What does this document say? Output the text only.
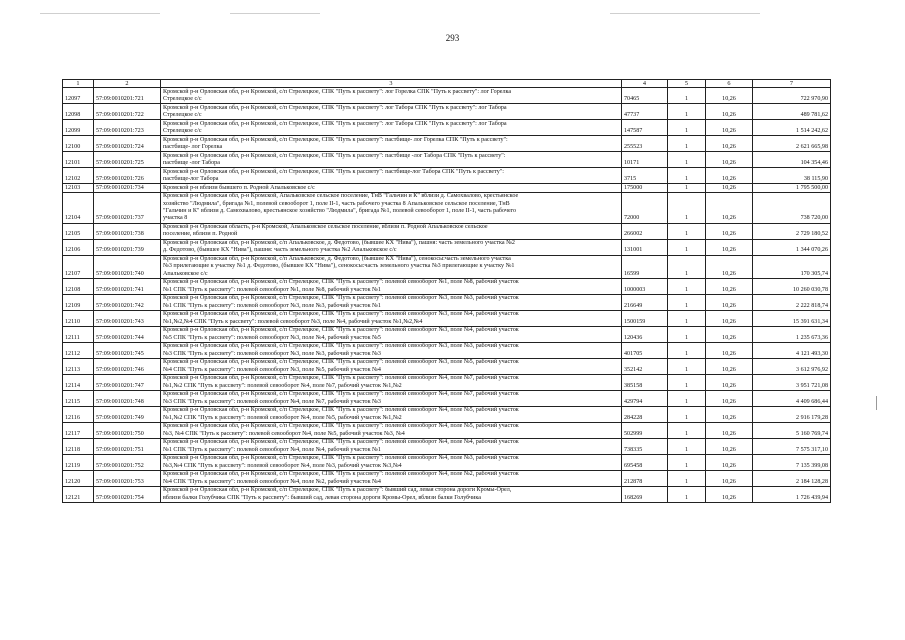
293
1	2	3	4	5	6	7
12097	57:09:0010201:721	Кромской р-н Орловская обл, р-н Кромской, с/п Стрелецкое, СПК "Путь к рассвету": лог Горелка СПК "Путь к рассвету": лог Горелка
Стрелецкое с/с	70465	1	10,26	722 970,90
12098	57:09:0010201:722	Кромской р-н Орловская обл, р-н Кромской, с/п Стрелецкое, СПК "Путь к рассвету": лог Табора СПК "Путь к рассвету": лог Табора
Стрелецкое с/с	47737	1	10,26	489 781,62
12099	57:09:0010201:723	Кромской р-н Орловская обл, р-н Кромской, с/п Стрелецкое, СПК "Путь к рассвету": лог Табора СПК "Путь к рассвету": лог Табора
Стрелецкое с/с	147587	1	10,26	1 514 242,62
12100	57:09:0010201:724	Кромской р-н Орловская обл, р-н Кромской, с/п Стрелецкое, СПК "Путь к рассвету": пастбище- лог Горелка СПК "Путь к рассвету":
пастбище- лог Горелка	255523	1	10,26	2 621 665,98
12101	57:09:0010201:725	Кромской р-н Орловская обл, р-н Кромской, с/п Стрелецкое, СПК "Путь к рассвету": пастбище -лог Табора СПК "Путь к рассвету":
пастбище -лог Табора	10171	1	10,26	104 354,46
12102	57:09:0010201:726	Кромской р-н Орловская обл, р-н Кромской, с/п Стрелецкое, СПК "Путь к рассвету": пастбище-лог Табора СПК "Путь к рассвету":
пастбище-лог Табора	3715	1	10,26	38 115,90
12103	57:09:0010201:734	Кромской р-н вблизи бывшего п. Родной Апальковское с/с	175000	1	10,26	1 795 500,00
12104	57:09:0010201:737	Кромской р-н Орловская обл, р-н Кромской, Апальковское сельское поселение, ТнВ "Гальчин и К" вблизи д. Самохвалово, крестьянское
хозяйство "Людмила", бригада №1, полевой севооборот 1, поле II-1, часть рабочего участка 8 Апальковское сельское поселение, ТнВ
"Гальчин и К" вблизи д. Самохвалово, крестьянское хозяйство "Людмила", бригада №1, полевой севооборот 1, поле II-1, часть рабочего
участка 8	72000	1	10,26	738 720,00
12105	57:09:0010201:738	Кромской р-н Орловская область, р-н Кромской, Апальковское сельское поселение, вблизи п. Родной Апальковское сельское
поселение, вблизи п. Родной	266002	1	10,26	2 729 180,52
12106	57:09:0010201:739	Кромской р-н Орловская обл, р-н Кромской, с/п Апальковское, д. Федотово, (бывшее КХ "Нива"), пашня: часть земельного участка №2
д. Федотово, (бывшее КХ "Нива"), пашня: часть земельного участка №2 Апальковское с/с	131001	1	10,26	1 344 070,26
12107	57:09:0010201:740	Кромской р-н Орловская обл, р-н Кромской, с/п Апальковское, д. Федотово, (бывшее КХ "Нива"), сенокосы:часть земельного участка
№3 прилегающие к участку №1 д. Федотово, (бывшее КХ "Нива"), сенокосы:часть земельного участка №3 прилегающие к участку №1
Апальковское с/с	16599	1	10,26	170 305,74
12108	57:09:0010201:741	Кромской р-н Орловская обл, р-н Кромской, с/п Стрелецкое, СПК "Путь к рассвету": полевой севооборот №1, поле №8, рабочий участок
№1 СПК "Путь к рассвету": полевой севооборот №1, поле №8, рабочий участок №1	1000003	1	10,26	10 260 030,78
12109	57:09:0010201:742	Кромской р-н Орловская обл, р-н Кромской, с/п Стрелецкое, СПК "Путь к рассвету": полевой севооборот №3, поле №3, рабочий участок
№1 СПК "Путь к рассвету": полевой севооборот №3, поле №3, рабочий участок №1	216649	1	10,26	2 222 818,74
12110	57:09:0010201:743	Кромской р-н Орловская обл, р-н Кромской, с/п Стрелецкое, СПК "Путь к рассвету": полевой севооборот №3, поле №4, рабочий участок
№1,№2,№4 СПК "Путь к рассвету": полевой севооборот №3, поле №4, рабочий участок №1,№2,№4	1500159	1	10,26	15 391 631,34
12111	57:09:0010201:744	Кромской р-н Орловская обл, р-н Кромской, с/п Стрелецкое, СПК "Путь к рассвету": полевой севооборот №3, поле №4, рабочий участок
№5 СПК "Путь к рассвету": полевой севооборот №3, поле №4, рабочий участок №5	120436	1	10,26	1 235 673,36
12112	57:09:0010201:745	Кромской р-н Орловская обл, р-н Кромской, с/п Стрелецкое, СПК "Путь к рассвету": полевой севооборот №3, поле №3, рабочий участок
№3 СПК "Путь к рассвету": полевой севооборот №3, поле №3, рабочий участок №3	401705	1	10,26	4 121 493,30
12113	57:09:0010201:746	Кромской р-н Орловская обл, р-н Кромской, с/п Стрелецкое, СПК "Путь к рассвету": полевой севооборот №3, поле №5, рабочий участок
№4 СПК "Путь к рассвету": полевой севооборот №3, поле №5, рабочий участок №4	352142	1	10,26	3 612 976,92
12114	57:09:0010201:747	Кромской р-н Орловская обл, р-н Кромской, с/п Стрелецкое, СПК "Путь к рассвету": полевой севооборот №4, поле №7, рабочий участок
№1,№2 СПК "Путь к рассвету": полевой севооборот №4, поле №7, рабочий участок №1,№2	385158	1	10,26	3 951 721,08
12115	57:09:0010201:748	Кромской р-н Орловская обл, р-н Кромской, с/п Стрелецкое, СПК "Путь к рассвету": полевой севооборот №4, поле №7, рабочий участок
№3 СПК "Путь к рассвету": полевой севооборот №4, поле №7, рабочий участок №3	429794	1	10,26	4 409 686,44
12116	57:09:0010201:749	Кромской р-н Орловская обл, р-н Кромской, с/п Стрелецкое, СПК "Путь к рассвету": полевой севооборот №4, поле №5, рабочий участок
№1,№2 СПК "Путь к рассвету": полевой севооборот №4, поле №5, рабочий участок №1,№2	284228	1	10,26	2 916 179,28
12117	57:09:0010201:750	Кромской р-н Орловская обл, р-н Кромской, с/п Стрелецкое, СПК "Путь к рассвету": полевой севооборот №4, поле №5, рабочий участок
№3, №4 СПК "Путь к рассвету": полевой севооборот №4, поле №5, рабочий участок №3, №4	502999	1	10,26	5 160 769,74
12118	57:09:0010201:751	Кромской р-н Орловская обл, р-н Кромской, с/п Стрелецкое, СПК "Путь к рассвету": полевой севооборот №4, поле №4, рабочий участок
№1 СПК "Путь к рассвету": полевой севооборот №4, поле №4, рабочий участок №1	738335	1	10,26	7 575 317,10
12119	57:09:0010201:752	Кромской р-н Орловская обл, р-н Кромской, с/п Стрелецкое, СПК "Путь к рассвету": полевой севооборот №4, поле №3, рабочий участок
№3,№4 СПК "Путь к рассвету": полевой севооборот №4, поле №3, рабочий участок №3,№4	695458	1	10,26	7 135 399,08
12120	57:09:0010201:753	Кромской р-н Орловская обл, р-н Кромской, с/п Стрелецкое, СПК "Путь к рассвету": полевой севооборот №4, поле №2, рабочий участок
№4 СПК "Путь к рассвету": полевой севооборот №4, поле №2, рабочий участок №4	212878	1	10,26	2 184 128,28
12121	57:09:0010201:754	Кромской р-н Орловская обл, р-н Кромской, с/п Стрелецкое, СПК "Путь к рассвету": бывший сад, левая сторона дороги Кромы-Орел,
вблизи балки Голубчика СПК "Путь к рассвету": бывший сад, левая сторона дороги Кромы-Орел, вблизи балки Голубчика	168269	1	10,26	1 726 439,94
